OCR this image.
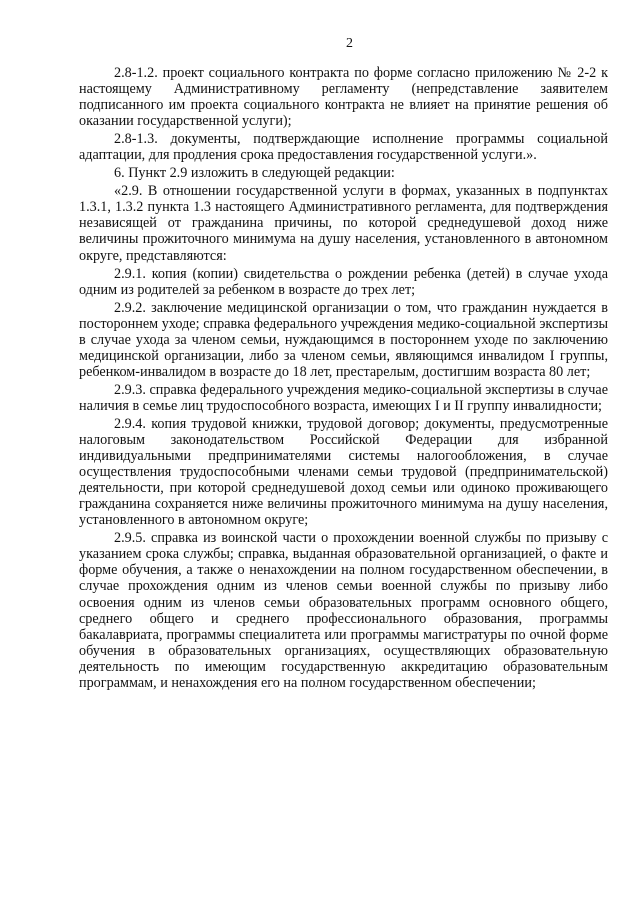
2

2.8-1.2. проект социального контракта по форме согласно приложению № 2-2 к настоящему Административному регламенту (непредставление заявителем подписанного им проекта социального контракта не влияет на принятие решения об оказании государственной услуги);

2.8-1.3. документы, подтверждающие исполнение программы социальной адаптации, для продления срока предоставления государственной услуги.».

6. Пункт 2.9 изложить в следующей редакции:

«2.9. В отношении государственной услуги в формах, указанных в подпунктах 1.3.1, 1.3.2 пункта 1.3 настоящего Административного регламента, для подтверждения независящей от гражданина причины, по которой среднедушевой доход ниже величины прожиточного минимума на душу населения, установленного в автономном округе, представляются:

2.9.1. копия (копии) свидетельства о рождении ребенка (детей) в случае ухода одним из родителей за ребенком в возрасте до трех лет;

2.9.2. заключение медицинской организации о том, что гражданин нуждается в постороннем уходе; справка федерального учреждения медико-социальной экспертизы в случае ухода за членом семьи, нуждающимся в постороннем уходе по заключению медицинской организации, либо за членом семьи, являющимся инвалидом I группы, ребенком-инвалидом в возрасте до 18 лет, престарелым, достигшим возраста 80 лет;

2.9.3. справка федерального учреждения медико-социальной экспертизы в случае наличия в семье лиц трудоспособного возраста, имеющих I и II группу инвалидности;

2.9.4. копия трудовой книжки, трудовой договор; документы, предусмотренные налоговым законодательством Российской Федерации для избранной индивидуальными предпринимателями системы налогообложения, в случае осуществления трудоспособными членами семьи трудовой (предпринимательской) деятельности, при которой среднедушевой доход семьи или одиноко проживающего гражданина сохраняется ниже величины прожиточного минимума на душу населения, установленного в автономном округе;

2.9.5. справка из воинской части о прохождении военной службы по призыву с указанием срока службы; справка, выданная образовательной организацией, о факте и форме обучения, а также о ненахождении на полном государственном обеспечении, в случае прохождения одним из членов семьи военной службы по призыву либо освоения одним из членов семьи образовательных программ основного общего, среднего общего и среднего профессионального образования, программы бакалавриата, программы специалитета или программы магистратуры по очной форме обучения в образовательных организациях, осуществляющих образовательную деятельность по имеющим государственную аккредитацию образовательным программам, и ненахождения его на полном государственном обеспечении;
